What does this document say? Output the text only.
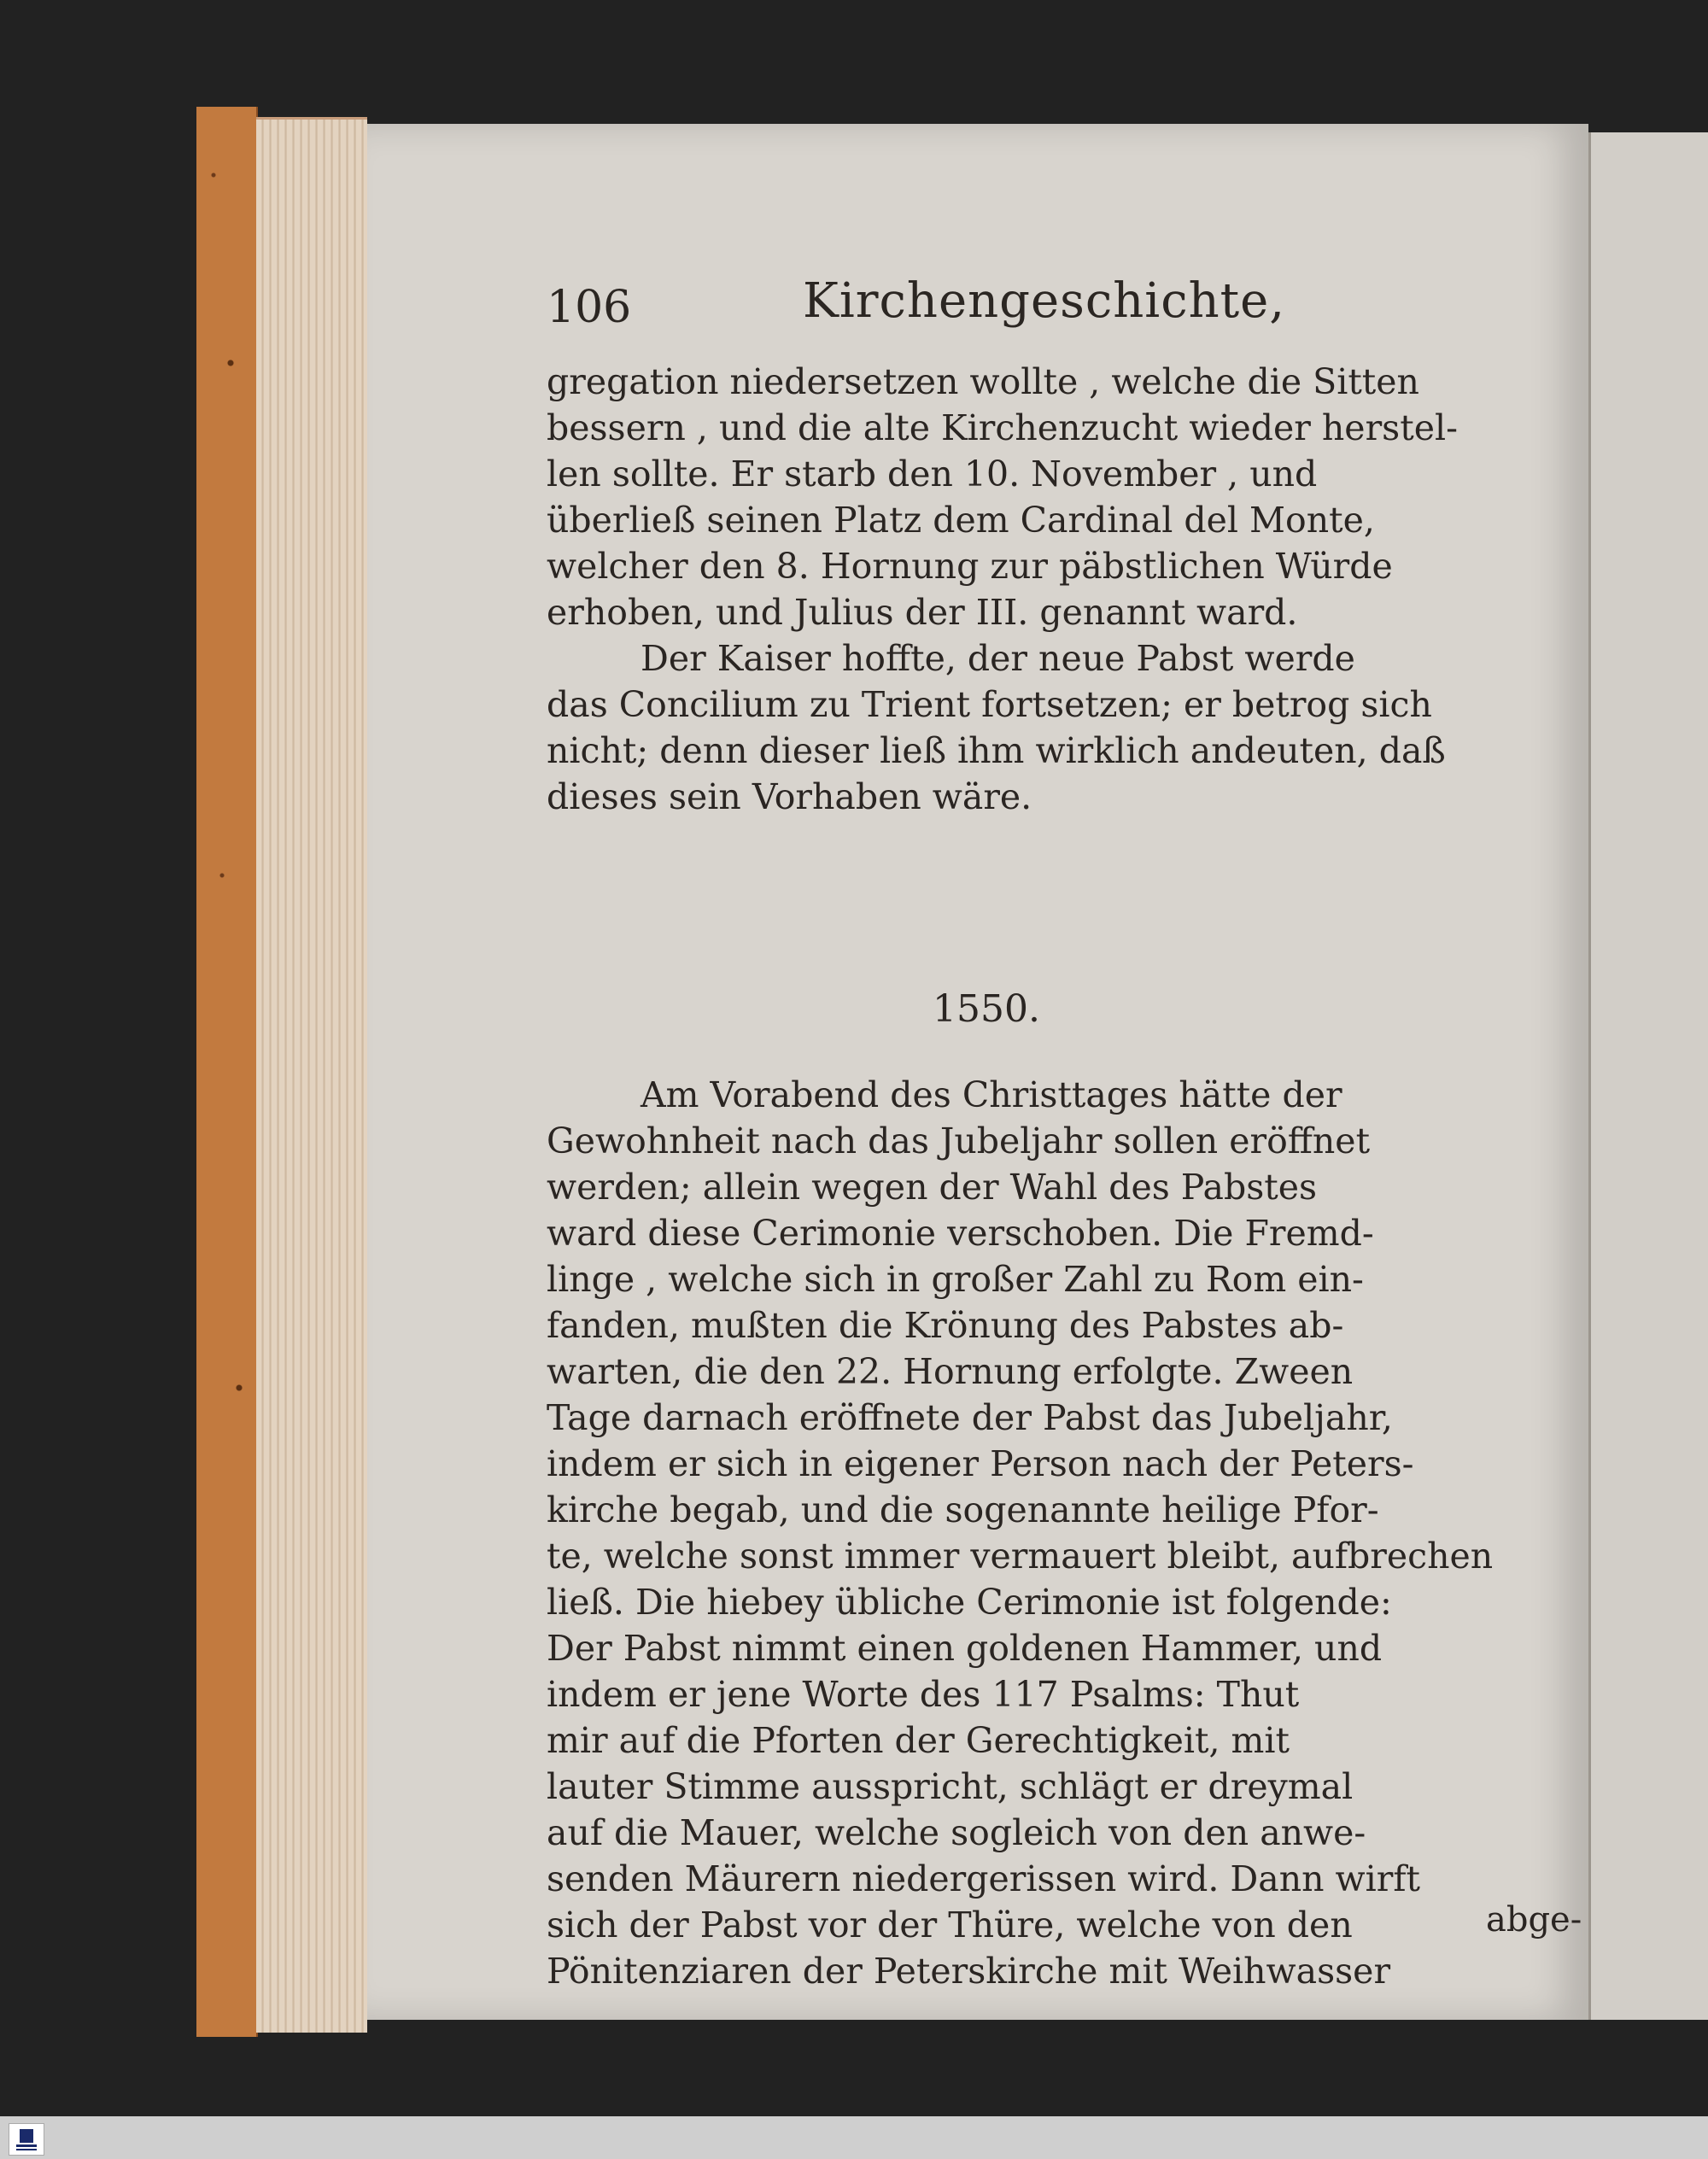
106	Kirchengeschichte,
gregation niedersetzen wollte , welche die Sitten
bessern , und die alte Kirchenzucht wieder herstel-
len sollte. Er starb den 10. November , und
überließ seinen Platz dem Cardinal del Monte,
welcher den 8. Hornung zur päbstlichen Würde
erhoben, und Julius der III. genannt ward.
Der Kaiser hoffte, der neue Pabst werde
das Concilium zu Trient fortsetzen; er betrog sich
nicht; denn dieser ließ ihm wirklich andeuten, daß
dieses sein Vorhaben wäre.
1550.
Am Vorabend des Christtages hätte der
Gewohnheit nach das Jubeljahr sollen eröffnet
werden; allein wegen der Wahl des Pabstes
ward diese Cerimonie verschoben. Die Fremd-
linge , welche sich in großer Zahl zu Rom ein-
fanden, mußten die Krönung des Pabstes ab-
warten, die den 22. Hornung erfolgte. Zween
Tage darnach eröffnete der Pabst das Jubeljahr,
indem er sich in eigener Person nach der Peters-
kirche begab, und die sogenannte heilige Pfor-
te, welche sonst immer vermauert bleibt, aufbrechen
ließ. Die hiebey übliche Cerimonie ist folgende:
Der Pabst nimmt einen goldenen Hammer, und
indem er jene Worte des 117 Psalms: Thut
mir auf die Pforten der Gerechtigkeit, mit
lauter Stimme ausspricht, schlägt er dreymal
auf die Mauer, welche sogleich von den anwe-
senden Mäurern niedergerissen wird. Dann wirft
sich der Pabst vor der Thüre, welche von den
Pönitenziaren der Peterskirche mit Weihwasser
abge-
